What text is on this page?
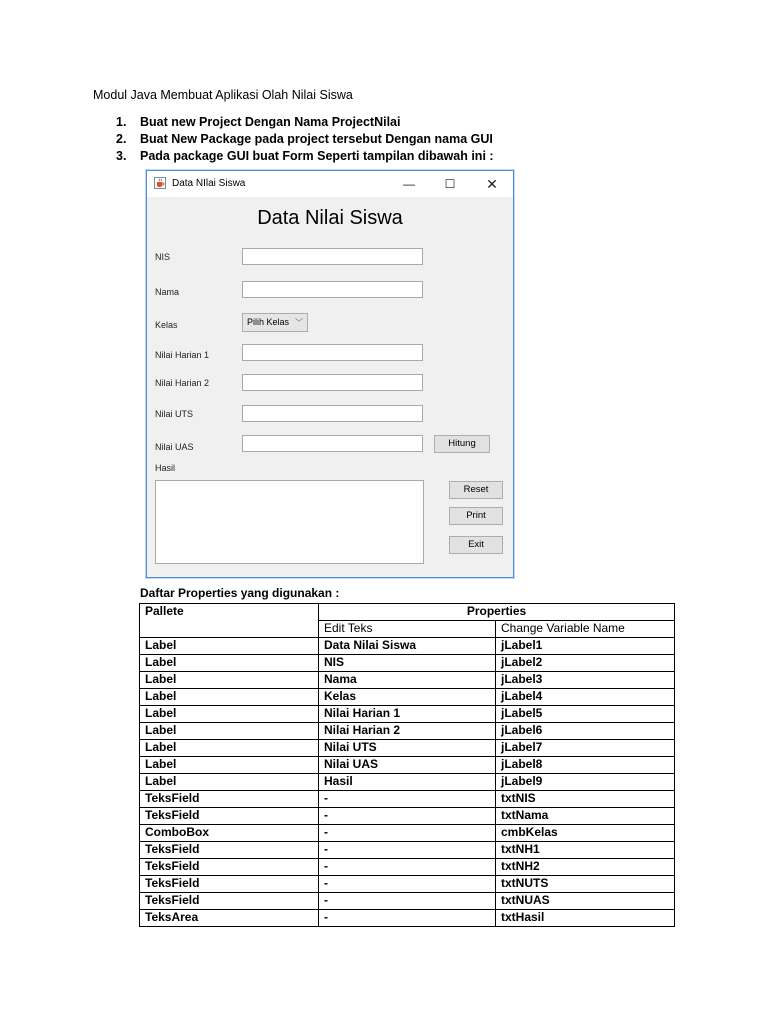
Modul Java Membuat Aplikasi Olah Nilai Siswa
1. Buat new Project Dengan Nama ProjectNilai
2. Buat New Package pada project tersebut Dengan nama GUI
3. Pada package GUI buat Form Seperti tampilan dibawah ini :
Data NIlai Siswa	—	☐	✕
Data Nilai Siswa
NIS
Nama
Kelas	Pilih Kelas ﹀
Nilai Harian 1
Nilai Harian 2
Nilai UTS
Nilai UAS	Hitung
Hasil
Reset
Print
Exit
Daftar Properties yang digunakan :
Pallete	Properties	
	Edit Teks	Change Variable Name
Label	Data Nilai Siswa	jLabel1
Label	NIS	jLabel2
Label	Nama	jLabel3
Label	Kelas	jLabel4
Label	Nilai Harian 1	jLabel5
Label	Nilai Harian 2	jLabel6
Label	Nilai UTS	jLabel7
Label	Nilai UAS	jLabel8
Label	Hasil	jLabel9
TeksField	-	txtNIS
TeksField	-	txtNama
ComboBox	-	cmbKelas
TeksField	-	txtNH1
TeksField	-	txtNH2
TeksField	-	txtNUTS
TeksField	-	txtNUAS
TeksArea	-	txtHasil
